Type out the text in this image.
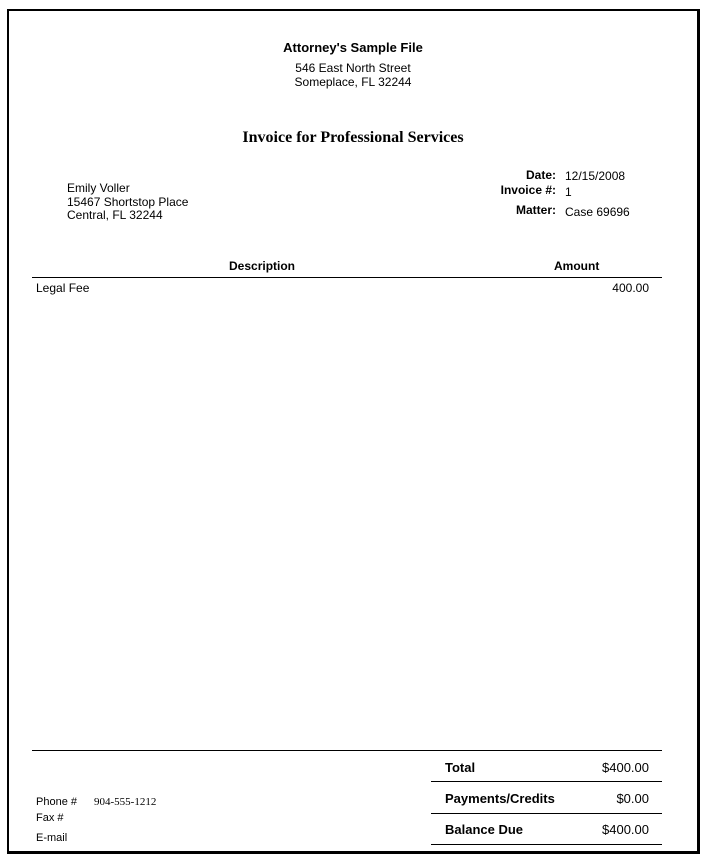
Attorney's Sample File
546 East North Street
Someplace, FL 32244
Invoice for Professional Services
Emily Voller
15467 Shortstop Place
Central, FL 32244
Date: 12/15/2008
Invoice #: 1
Matter: Case 69696
Description	Amount
Legal Fee	400.00
Phone # 904-555-1212
Fax #
E-mail
Total	$400.00
Payments/Credits	$0.00
Balance Due	$400.00
